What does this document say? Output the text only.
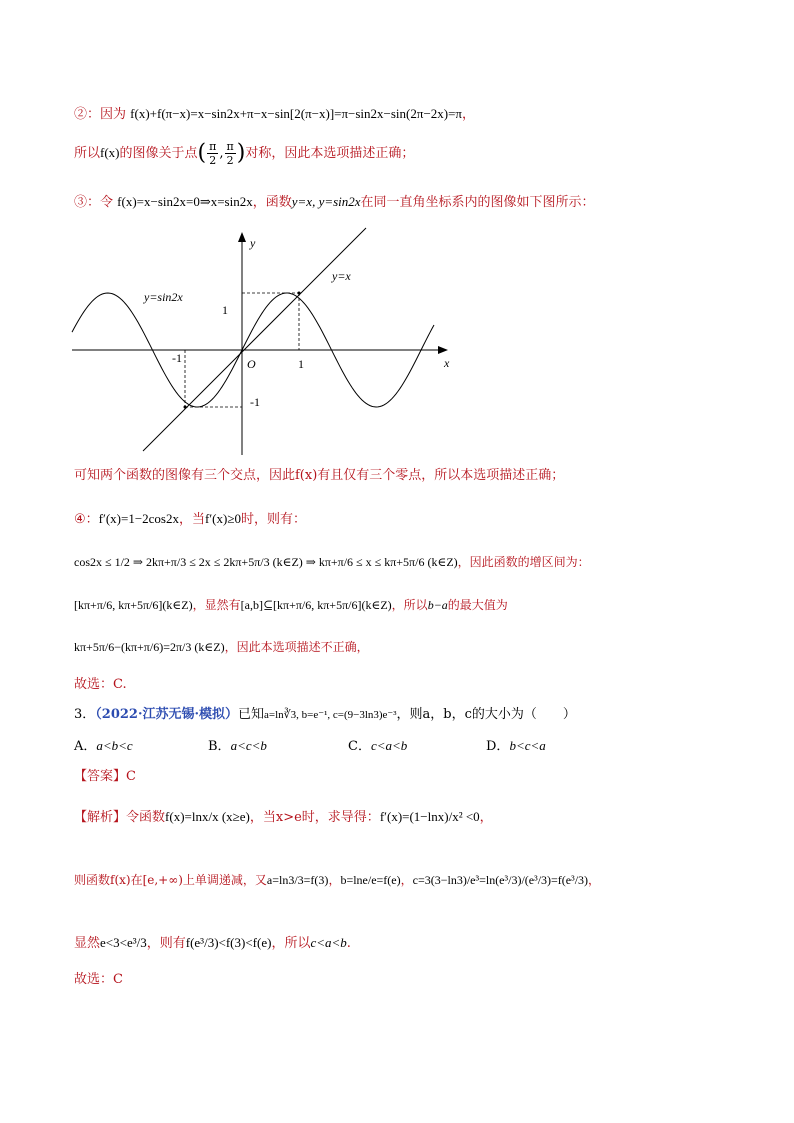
②：因为 f(x)+f(π−x)=x−sin2x+π−x−sin[2(π−x)]=π−sin2x−sin(2π−2x)=π，
所以f(x)的图像关于点( $\frac{\pi}{2}$ , $\frac{\pi}{2}$ )对称，因此本选项描述正确；
③：令 f(x)=x−sin2x=0⇒x=sin2x，函数y=x, y=sin2x在同一直角坐标系内的图像如下图所示：
y
x
O
y=sin2x
y=x
1
-1	1
-1
可知两个函数的图像有三个交点，因此f(x)有且仅有三个零点，所以本选项描述正确；
④：f′(x)=1−2cos2x，当f′(x)≥0时，则有：
cos2x ≤ 1/2 ⇒ 2kπ+π/3 ≤ 2x ≤ 2kπ+5π/3 (k∈Z) ⇒ kπ+π/6 ≤ x ≤ kπ+5π/6 (k∈Z)，因此函数的增区间为：
[kπ+π/6, kπ+5π/6](k∈Z)，显然有[a,b]⊆[kπ+π/6, kπ+5π/6](k∈Z)，所以b−a的最大值为
kπ+5π/6−(kπ+π/6)=2π/3 (k∈Z)，因此本选项描述不正确，
故选：C.
3．（2022·江苏无锡·模拟）已知a=ln∛3, b=e⁻¹, c=(9−3ln3)e⁻³，则a，b，c的大小为（　　）
A．a<b<c	B．a<c<b	C．c<a<b	D．b<c<a
【答案】C
【解析】令函数f(x)=lnx/x (x≥e)，当x>e时，求导得：f′(x)=(1−lnx)/x² <0，
则函数f(x)在[e,+∞)上单调递减，又a=ln3/3=f(3)，b=lne/e=f(e)，c=3(3−ln3)/e³=ln(e³/3)/(e³/3)=f(e³/3)，
显然e<3<e³/3，则有f(e³/3)<f(3)<f(e)，所以c<a<b.
故选：C
